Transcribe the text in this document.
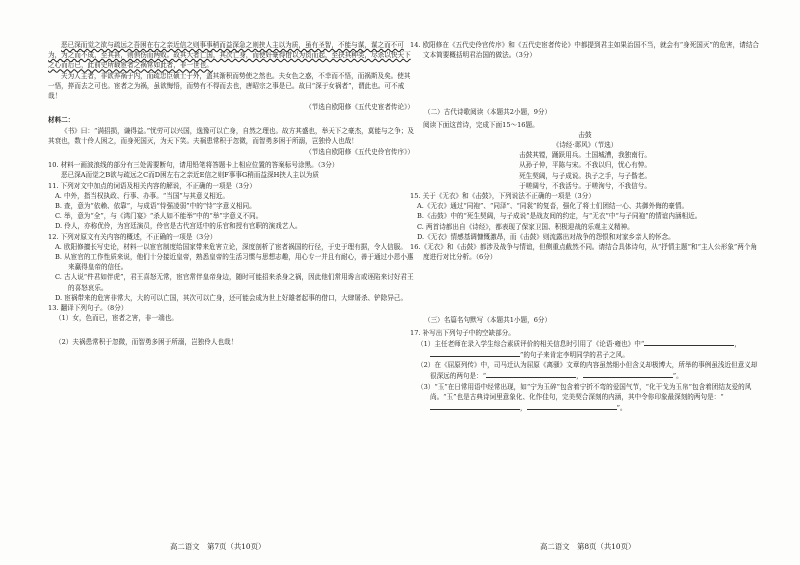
恶已深而觉之欲与疏远之吾困在右之亲近信之则事事稍而益深急之则挟人主以为质，虽有圣智，不能与谋，谋之而不可为，为之而不成，至其甚，则俱伤而两败。故其大者亡国，其次亡身，而使奸豪得借以为资而起，至抉其种类，尽杀以快天下之心而后已，此前史所载宦者之祸常如此者，非一世也。

夫为人主者，非欲养祸于内，而疏忠臣硕士于外，盖其渐积而势使之然也。夫女色之惑，不幸而不悟，而祸斯及矣。使其一悟，捽而去之可也。宦者之为祸，虽欲悔悟，而势有不得而去也，唐昭宗之事是已。故曰“深于女祸者”，谓此也。可不戒哉！

（节选自欧阳修《五代史宦者传论》）

材料二：

《书》曰：“满招损，谦得益。”忧劳可以兴国，逸豫可以亡身，自然之理也。故方其盛也，举天下之豪杰，莫能与之争；及其衰也，数十伶人困之，而身死国灭，为天下笑。夫祸患常积于忽微，而智勇多困于所溺，岂独伶人也哉！

（节选自欧阳修《五代史伶官传序》）

10. 材料一画波浪线的部分有三处需要断句，请用铅笔将答题卡上相应位置的答案标号涂黑。（3分）

恶已深A而觉之B欲与疏远之C而D困左右之亲近E信之则F事事G稍而益深H挟人主以为质

11. 下列对文中加点的词语及相关内容的解说，不正确的一项是（3分）

A. 中外，指当权执政、行事、办事。“当国”与其意义相近。

B. 查，意为“依赖、依靠”，与成语“恃强凌弱”中的“恃”字意义相同。

C. 举，意为“全”，与《鸿门宴》“杀人如不能举”中的“举”字意义不同。

D. 伶人，亦称优伶，为宫廷演员，伶官是古代宫廷中的乐官和授有官职的演戏艺人。

12. 下列对原文有关内容的概述，不正确的一项是（3分）

A. 欧阳修擅长写史论，材料一以宦官制度给国家带来危害立论，深度剖析了宦者祸国的行径，于史于理有据，令人信服。

B. 从宦官的工作性质来说，他们十分接近皇帝，熟悉皇帝的生活习惯与思想志趣，用心专一并且有耐心，善于通过小恩小惠来赢得皇帝的信任。

C. 古人说“件君如伴虎”，君王喜怒无常，宦官常伴皇帝身边，随时可能招来杀身之祸，因此他们常用谗言或诬陷来讨好君王的喜怒哀乐。

D. 宦祸带来的危害非常大，大的可以亡国，其次可以亡身，还可能会成为世上好雄者起事的借口，大肆屠杀、铲除异己。

13. 翻译下列句子。（8分）

（1）女，色而已，宦者之害，非一端也。

（2）夫祸患常积于忽微，而智勇多困于所溺，岂独伶人也哉！

高二语文　第7页（共10页）

14. 欧阳修在《五代史伶官传序》和《五代史宦者传论》中都提到君主如果治国不当，就会有“身死国灭”的危害，请结合文本简要概括明君治国的做法。（3分）

（二）古代诗歌阅读（本题共2小题，9分）

阅读下面这首诗，完成下面15～16题。

击鼓

《诗经·邶风》（节选）

击鼓其镗，踊跃用兵。土国城漕，我独南行。

从孙子仲，平陈与宋。不我以归，忧心有忡。

死生契阔，与子成说。执子之手，与子偕老。

于嗟阔兮，不我活兮。于嗟洵兮，不我信兮。

15. 关于《无衣》和《击鼓》，下列说法不正确的一项是（3分）

A.《无衣》通过“同袍”、“同泽”、“同裳”的复沓，强化了将士们团结一心、共御外侮的豪情。

B.《击鼓》中的“死生契阔，与子成说”是战友间的约定，与“无衣”中“与子同袍”的情谊内涵相近。

C. 两首诗都出自《诗经》，都表现了保家卫国、积极迎战的乐观主义精神。

D.《无衣》情感基调慷慨激昂，而《击鼓》则流露出对战争的怨恨和对家乡亲人的怀念。

16.《无衣》和《击鼓》都涉及战争与情谊，但侧重点截然不同。请结合具体诗句，从“抒情主题”和“主人公形象”两个角度进行对比分析。（6分）

（三）名篇名句默写（本题共1小题，6分）

17. 补写出下列句子中的空缺部分。

（1）主任老师在录入学生综合素质评价的相关信息时引用了《论语·雍也》中“	，”的句子来肯定李明同学的君子之风。

（2）在《屈原列传》中，司马迁认为屈原《离骚》文章的内容虽然细小但含义却极博大，所举的事例虽浅近但意义却很深远的两句是：“	，	”。

（3）“玉”在日常用语中经常出现，如“宁为玉碎”包含着宁折不弯的爱国气节，“化干戈为玉帛”包含着团结友爱的风尚。“玉”也是古典诗词里意象化、化作佳句，完美契合深刻的内涵，其中令你印象最深刻的两句是：“，	”。

高二语文　第8页（共10页）
